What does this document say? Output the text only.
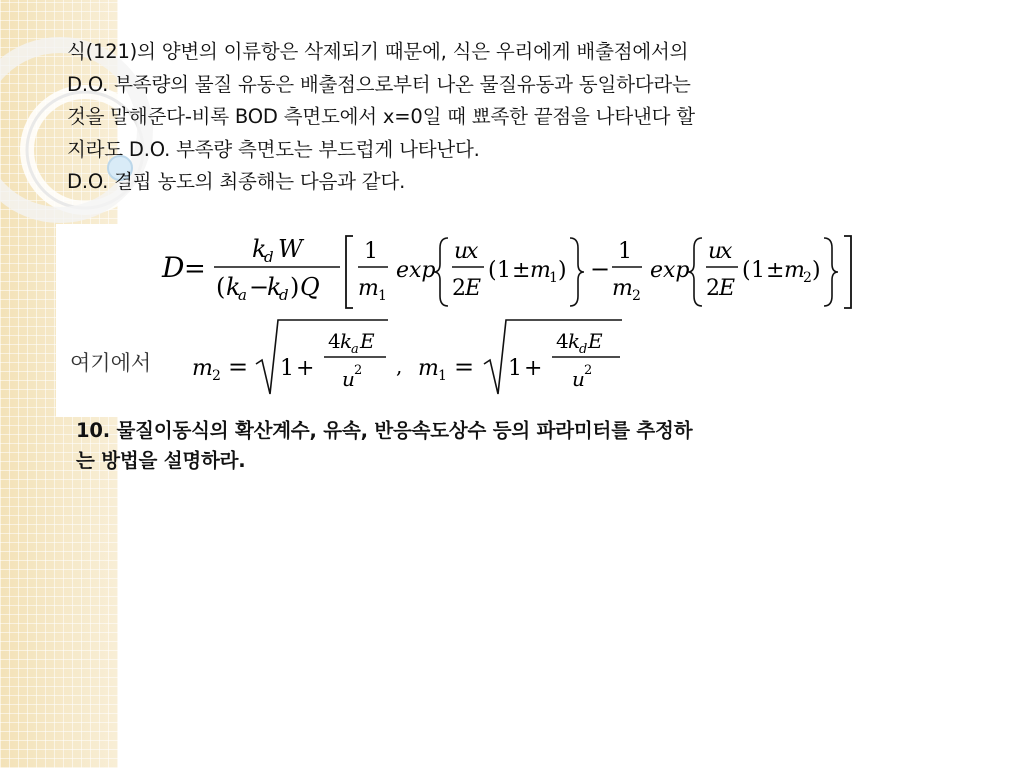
식(121)의 양변의 이류항은 삭제되기 때문에, 식은 우리에게 배출점에서의

D.O. 부족량의 물질 유동은 배출점으로부터 나온 물질유동과 동일하다라는

것을 말해준다-비록 BOD 측면도에서 x=0일 때 뾰족한 끝점을 나타낸다 할

지라도 D.O. 부족량 측면도는 부드럽게 나타난다.

D.O. 결핍 농도의 최종해는 다음과 같다.

D =
k
d W
( k
a −
k
d ) Q
1
m 1
exp
u
x
2 E
( 1 ± m
1 ) −
1
m 2
exp
u
x
2 E
( 1 ± m
2 )
여기에서 m 2 = 1 +
4 k
a E
u 2 , m 1 = 1 +
4 k
d E
u 2

10. 물질이동식의 확산계수, 유속, 반응속도상수 등의 파라미터를 추정하

는 방법을 설명하라.
